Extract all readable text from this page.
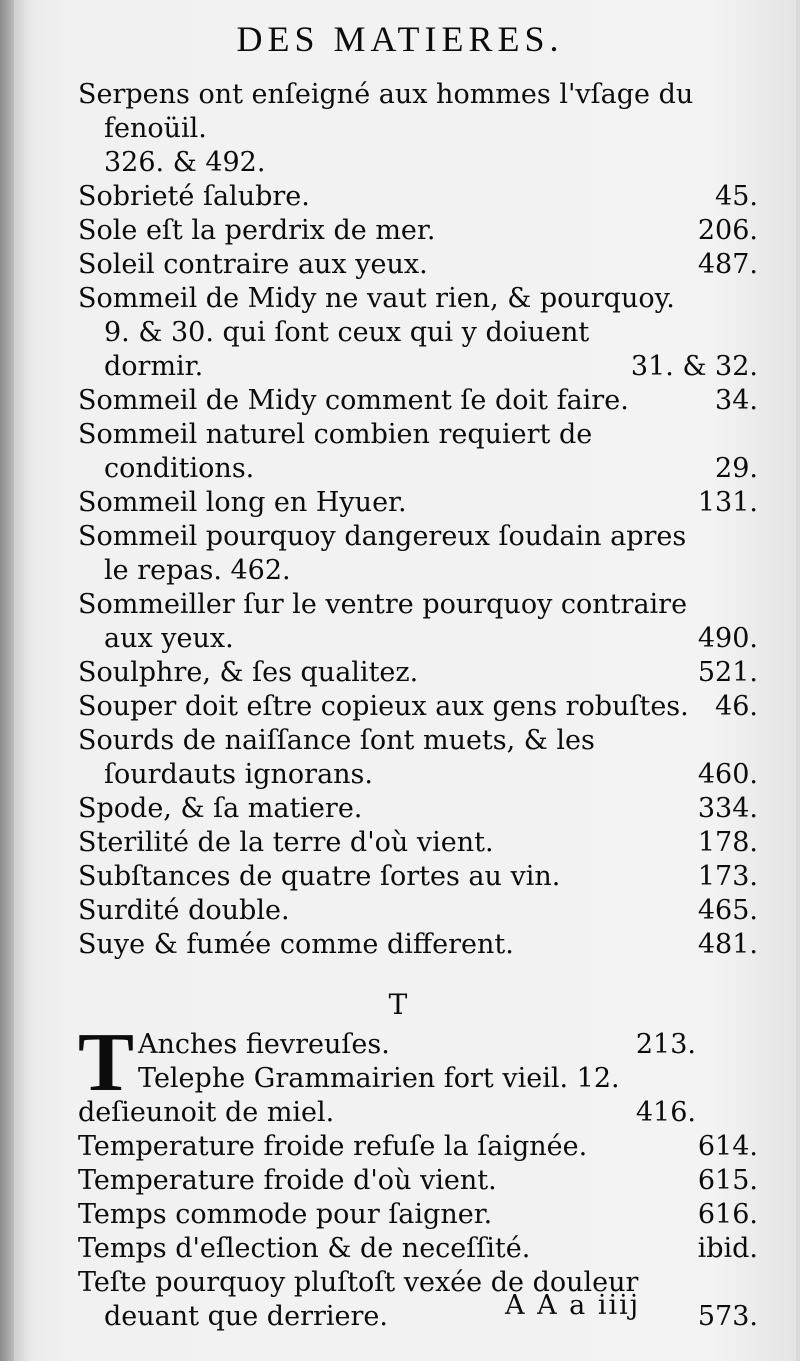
DES MATIERES.

Serpens ont enſeigné aux hommes l'vſage du fenoüil.
326. & 492.

Sobrieté ſalubre.	45.

Sole eſt la perdrix de mer.	206.

Soleil contraire aux yeux.	487.

Sommeil de Midy ne vaut rien, & pourquoy. 9. & 30. qui ſont ceux qui y doiuent dormir.	31. & 32.

Sommeil de Midy comment ſe doit faire.	34.

Sommeil naturel combien requiert de conditions.	29.

Sommeil long en Hyuer.	131.

Sommeil pourquoy dangereux ſoudain apres le repas. 462.

Sommeiller ſur le ventre pourquoy contraire aux yeux.	490.

Soulphre, & ſes qualitez.	521.

Souper doit eſtre copieux aux gens robuſtes. 46.

Sourds de naiſſance ſont muets, & les ſourdauts ignorans.	460.

Spode, & ſa matiere.	334.

Sterilité de la terre d'où vient.	178.

Subſtances de quatre ſortes au vin.	173.

Surdité double.	465.

Suye & fumée comme different.	481.

T
T Anches fievreuſes.	213.
Telephe Grammairien fort vieil. 12. deſieunoit de miel.	416.

Temperature froide refuſe la ſaignée.	614.

Temperature froide d'où vient.	615.

Temps commode pour ſaigner.	616.

Temps d'eſlection & de neceſſité.	ibid.

Teſte pourquoy pluſtoſt vexée de douleur deuant que derriere.	573.

A A a iiij
